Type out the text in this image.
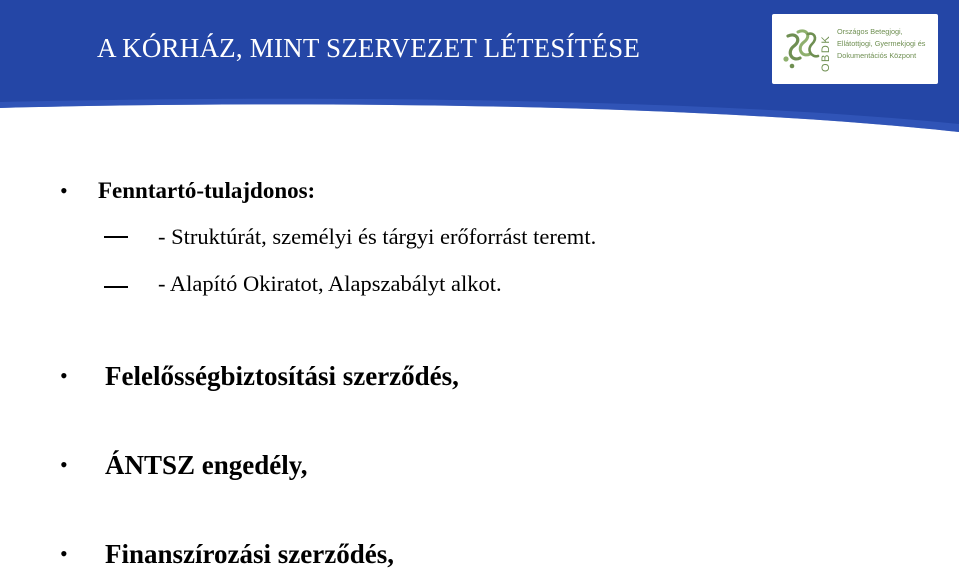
A KÓRHÁZ, MINT SZERVEZET LÉTESÍTÉSE	OBDK
Országos Betegjogi,
Ellátottjogi, Gyermekjogi és
Dokumentációs Központ
• Fenntartó-tulajdonos:
- Struktúrát, személyi és tárgyi erőforrást teremt.
- Alapító Okiratot, Alapszabályt alkot.
• Felelősségbiztosítási szerződés,
• ÁNTSZ engedély,
• Finanszírozási szerződés,
